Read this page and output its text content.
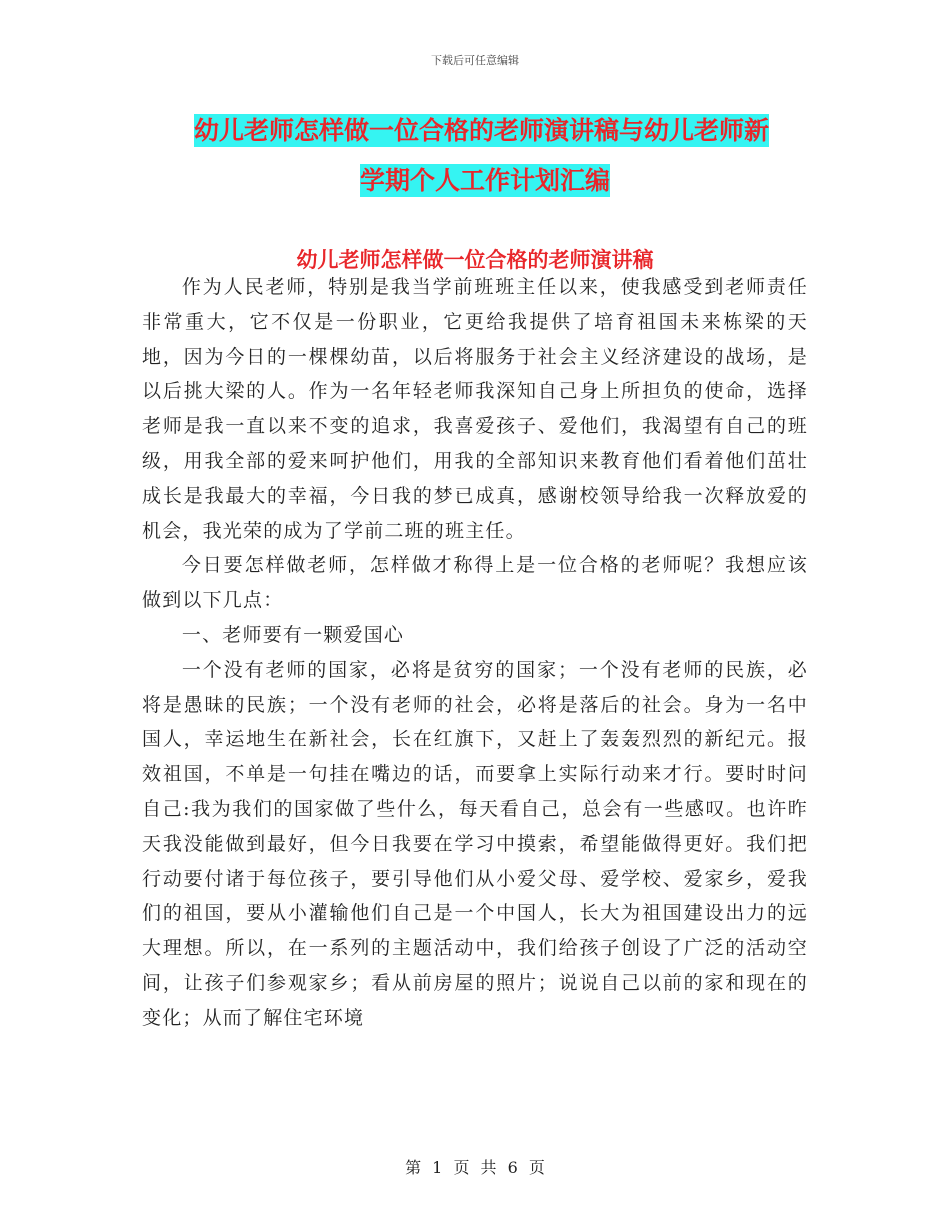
下载后可任意编辑
幼儿老师怎样做一位合格的老师演讲稿与幼儿老师新
学期个人工作计划汇编
幼儿老师怎样做一位合格的老师演讲稿

作为人民老师，特别是我当学前班班主任以来，使我感受到老师责任非常重大，它不仅是一份职业，它更给我提供了培育祖国未来栋梁的天地，因为今日的一棵棵幼苗，以后将服务于社会主义经济建设的战场，是以后挑大梁的人。作为一名年轻老师我深知自己身上所担负的使命，选择老师是我一直以来不变的追求，我喜爱孩子、爱他们，我渴望有自己的班级，用我全部的爱来呵护他们，用我的全部知识来教育他们看着他们茁壮成长是我最大的幸福，今日我的梦已成真，感谢校领导给我一次释放爱的机会，我光荣的成为了学前二班的班主任。

今日要怎样做老师，怎样做才称得上是一位合格的老师呢？我想应该做到以下几点：

一、老师要有一颗爱国心

一个没有老师的国家，必将是贫穷的国家；一个没有老师的民族，必将是愚昧的民族；一个没有老师的社会，必将是落后的社会。身为一名中国人，幸运地生在新社会，长在红旗下，又赶上了轰轰烈烈的新纪元。报效祖国，不单是一句挂在嘴边的话，而要拿上实际行动来才行。要时时问自己:我为我们的国家做了些什么，每天看自己，总会有一些感叹。也许昨天我没能做到最好，但今日我要在学习中摸索，希望能做得更好。我们把行动要付诸于每位孩子，要引导他们从小爱父母、爱学校、爱家乡，爱我们的祖国，要从小灌输他们自己是一个中国人，长大为祖国建设出力的远大理想。所以，在一系列的主题活动中，我们给孩子创设了广泛的活动空间，让孩子们参观家乡；看从前房屋的照片；说说自己以前的家和现在的变化；从而了解住宅环境

第 1 页 共 6 页
